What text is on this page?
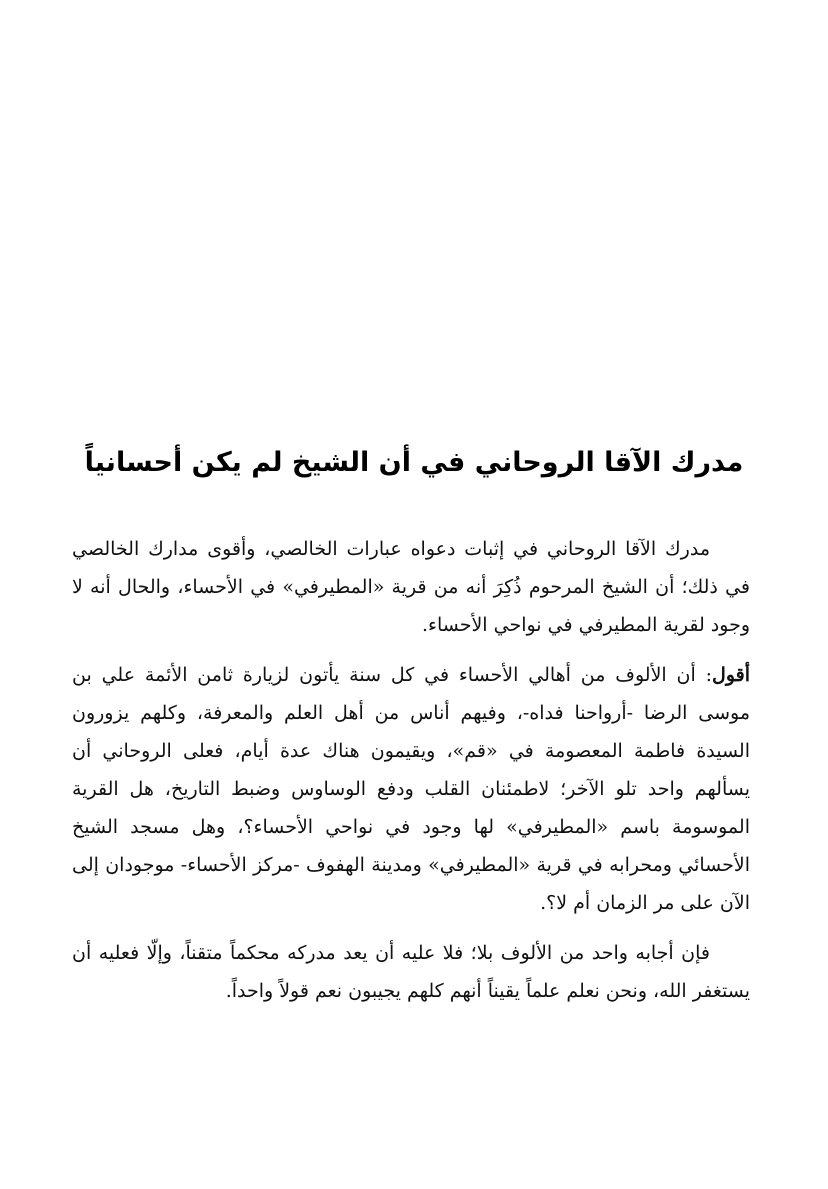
مدرك الآقا الروحاني في أن الشيخ لم يكن أحسانياً

مدرك الآقا الروحاني في إثبات دعواه عبارات الخالصي، وأقوى مدارك الخالصي في ذلك؛ أن الشيخ المرحوم ذُكِرَ أنه من قرية «المطيرفي» في الأحساء، والحال أنه لا وجود لقرية المطيرفي في نواحي الأحساء.

أقول: أن الألوف من أهالي الأحساء في كل سنة يأتون لزيارة ثامن الأئمة علي بن موسى الرضا -أرواحنا فداه-، وفيهم أناس من أهل العلم والمعرفة، وكلهم يزورون السيدة فاطمة المعصومة في «قم»، ويقيمون هناك عدة أيام، فعلى الروحاني أن يسألهم واحد تلو الآخر؛ لاطمئنان القلب ودفع الوساوس وضبط التاريخ، هل القرية الموسومة باسم «المطيرفي» لها وجود في نواحي الأحساء؟، وهل مسجد الشيخ الأحسائي ومحرابه في قرية «المطيرفي» ومدينة الهفوف -مركز الأحساء- موجودان إلى الآن على مر الزمان أم لا؟.

فإن أجابه واحد من الألوف بلا؛ فلا عليه أن يعد مدركه محكماً متقناً، وإلّا فعليه أن يستغفر الله، ونحن نعلم علماً يقيناً أنهم كلهم يجيبون نعم قولاً واحداً.
